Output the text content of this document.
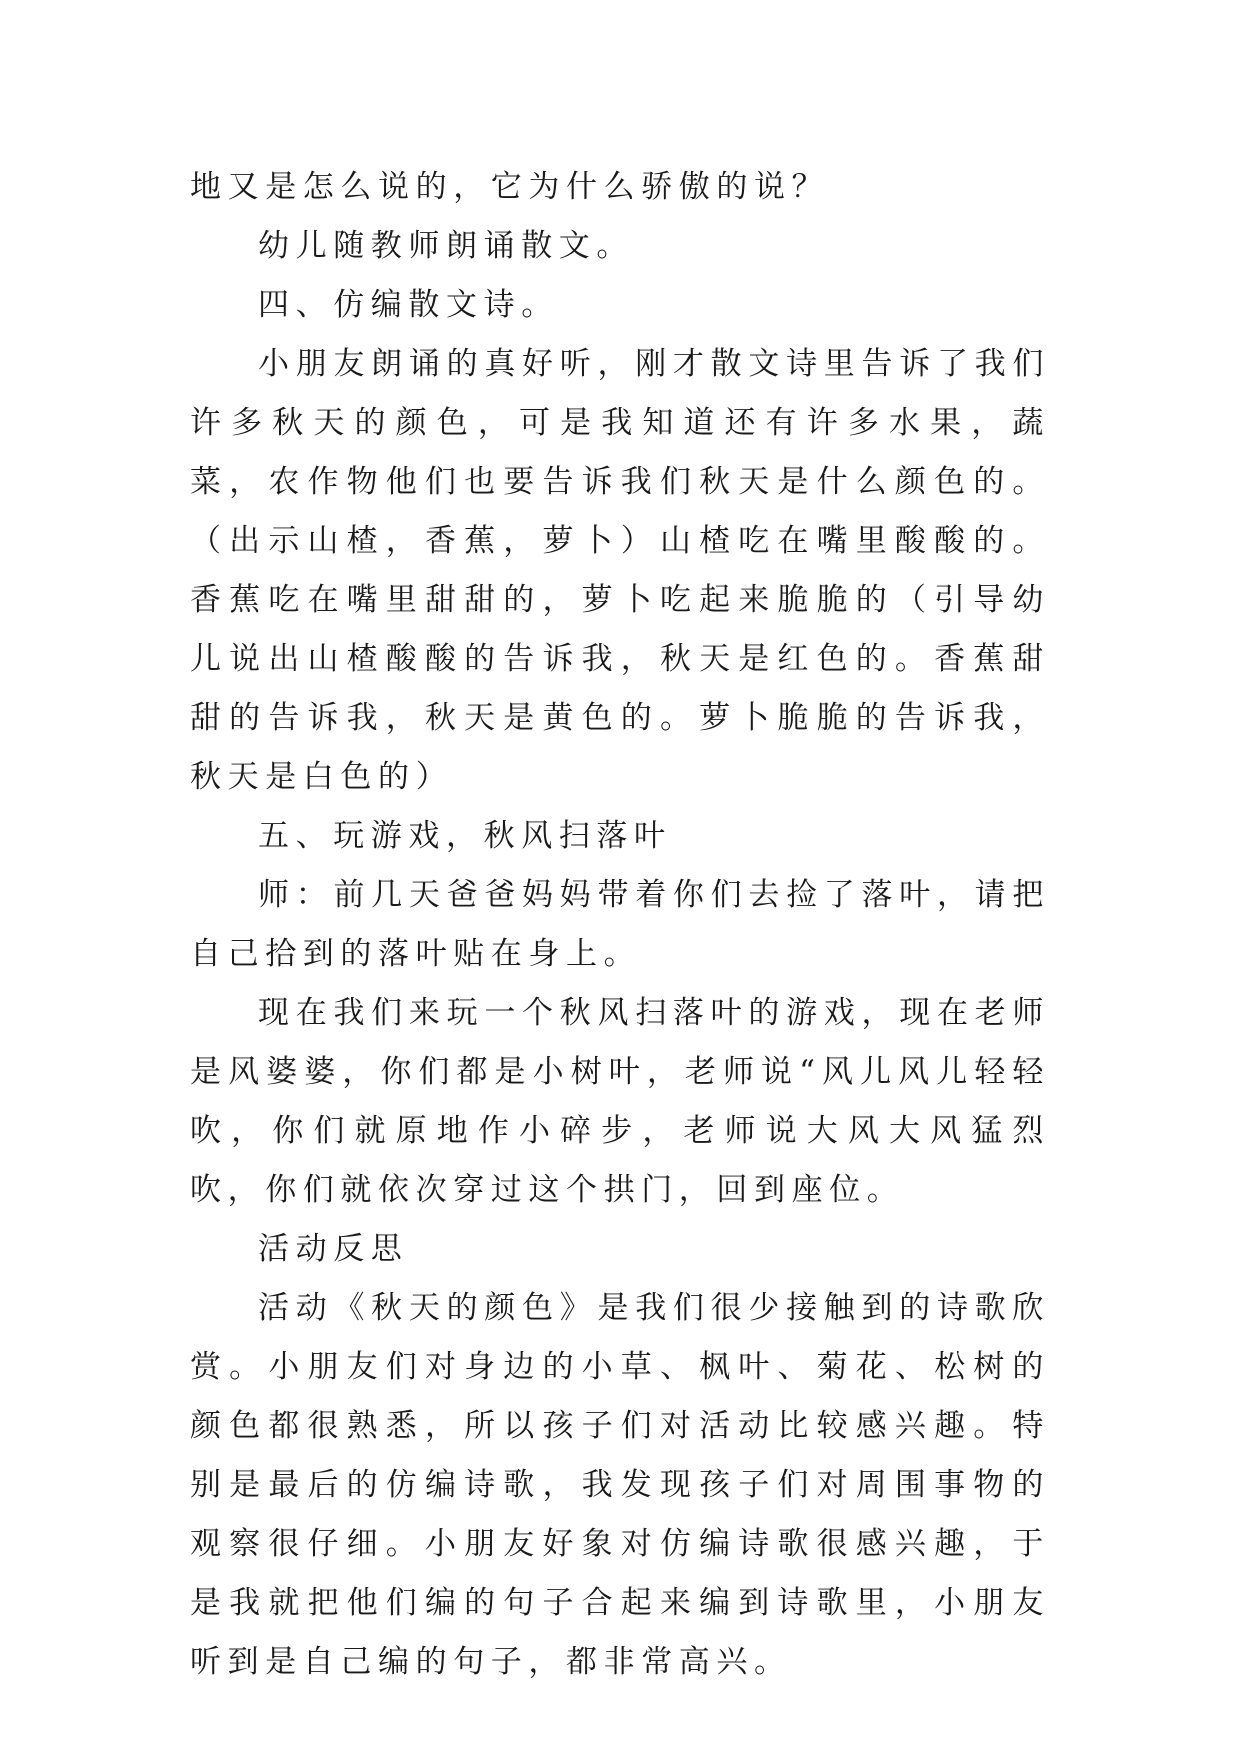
地又是怎么说的，它为什么骄傲的说？

幼儿随教师朗诵散文。

四、仿编散文诗。

小朋友朗诵的真好听，刚才散文诗里告诉了我们许多秋天的颜色，可是我知道还有许多水果，蔬菜，农作物他们也要告诉我们秋天是什么颜色的。（出示山楂，香蕉，萝卜）山楂吃在嘴里酸酸的。香蕉吃在嘴里甜甜的，萝卜吃起来脆脆的（引导幼儿说出山楂酸酸的告诉我，秋天是红色的。香蕉甜甜的告诉我，秋天是黄色的。萝卜脆脆的告诉我，秋天是白色的）

五、玩游戏，秋风扫落叶

师：前几天爸爸妈妈带着你们去捡了落叶，请把自己拾到的落叶贴在身上。

现在我们来玩一个秋风扫落叶的游戏，现在老师是风婆婆，你们都是小树叶，老师说“风儿风儿轻轻吹，你们就原地作小碎步，老师说大风大风猛烈吹，你们就依次穿过这个拱门，回到座位。

活动反思

活动《秋天的颜色》是我们很少接触到的诗歌欣赏。小朋友们对身边的小草、枫叶、菊花、松树的颜色都很熟悉，所以孩子们对活动比较感兴趣。特别是最后的仿编诗歌，我发现孩子们对周围事物的观察很仔细。小朋友好象对仿编诗歌很感兴趣，于是我就把他们编的句子合起来编到诗歌里，小朋友听到是自己编的句子，都非常高兴。
